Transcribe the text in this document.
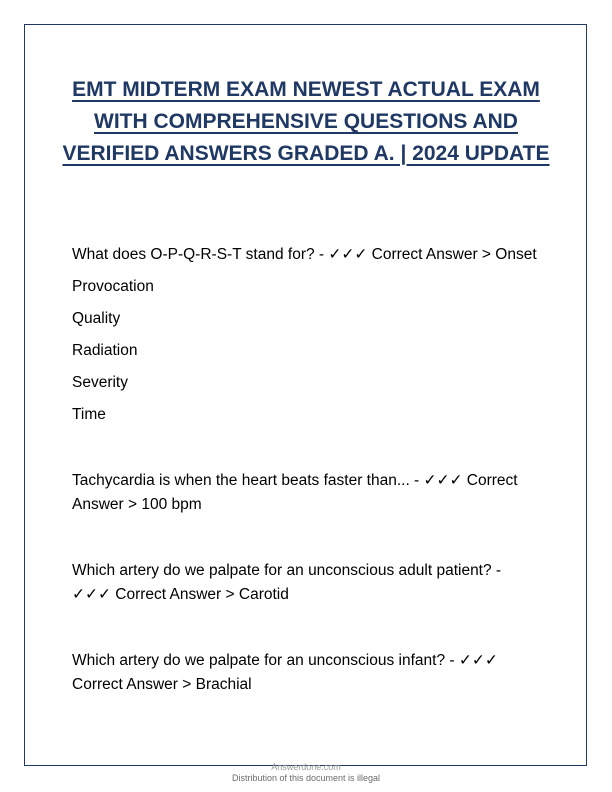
EMT MIDTERM EXAM NEWEST ACTUAL EXAM WITH COMPREHENSIVE QUESTIONS AND VERIFIED ANSWERS GRADED A. | 2024 UPDATE
What does O-P-Q-R-S-T stand for? - ✓✓✓ Correct Answer > Onset
Provocation
Quality
Radiation
Severity
Time
Tachycardia is when the heart beats faster than... - ✓✓✓ Correct Answer > 100 bpm
Which artery do we palpate for an unconscious adult patient? - ✓✓✓ Correct Answer > Carotid
Which artery do we palpate for an unconscious infant? - ✓✓✓ Correct Answer > Brachial
Answerdone.com
Distribution of this document is illegal
